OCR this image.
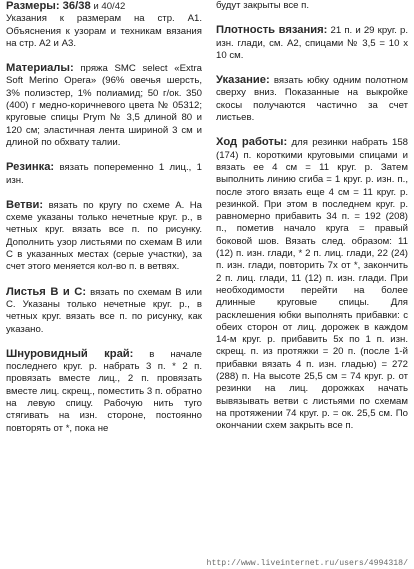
Размеры: 36/38 и 40/42
Указания к размерам на стр. А1. Объяснения к узорам и техникам вязания на стр. А2 и А3.

Материалы: пряжа SMC select «Extra Soft Merino Opera» (96% овечья шерсть, 3% полиэстер, 1% полиамид; 50 г/ок. 350 (400) г медно-коричневого цвета № 05312; круговые спицы Prym № 3,5 длиной 80 и 120 см; эластичная лента шириной 3 см и длиной по обхвату талии.

Резинка: вязать попеременно 1 лиц., 1 изн.

Ветви: вязать по кругу по схеме А. На схеме указаны только нечетные круг. р., в четных круг. вязать все п. по рисунку. Дополнить узор листьями по схемам В или С в указанных местах (серые участки), за счет этого меняется кол-во п. в ветвях.

Листья В и С: вязать по схемам В или С. Указаны только нечетные круг. р., в четных круг. вязать все п. по рисунку, как указано.

Шнуровидный край: в начале последнего круг. р. набрать 3 п. * 2 п. провязать вместе лиц., 2 п. провязать вместе лиц. скрещ., поместить 3 п. обратно на левую спицу. Рабочую нить туго стягивать на изн. стороне, постоянно повторять от *, пока не

будут закрыты все п.

Плотность вязания: 21 п. и 29 круг. р. изн. глади, см. А2, спицами № 3,5 = 10 х 10 см.

Указание: вязать юбку одним полотном сверху вниз. Показанные на выкройке скосы получаются частично за счет листьев.

Ход работы: для резинки набрать 158 (174) п. короткими круговыми спицами и вязать ее 4 см = 11 круг. р. Затем выполнить линию сгиба = 1 круг. р. изн. п., после этого вязать еще 4 см = 11 круг. р. резинкой. При этом в последнем круг. р. равномерно прибавить 34 п. = 192 (208) п., пометив начало круга = правый боковой шов. Вязать след. образом: 11 (12) п. изн. глади, * 2 п. лиц. глади, 22 (24) п. изн. глади, повторить 7х от *, закончить 2 п. лиц. глади, 11 (12) п. изн. глади. При необходимости перейти на более длинные круговые спицы. Для расклешения юбки выполнять прибавки: с обеих сторон от лиц. дорожек в каждом 14-м круг. р. прибавить 5х по 1 п. изн. скрещ. п. из протяжки = 20 п. (после 1-й прибавки вязать 4 п. изн. гладью) = 272 (288) п. На высоте 25,5 см = 74 круг. р. от резинки на лиц. дорожках начать вывязывать ветви с листьями по схемам на протяжении 74 круг. р. = ок. 25,5 см. По окончании схем закрыть все п.

http://www.liveinternet.ru/users/4994318/
